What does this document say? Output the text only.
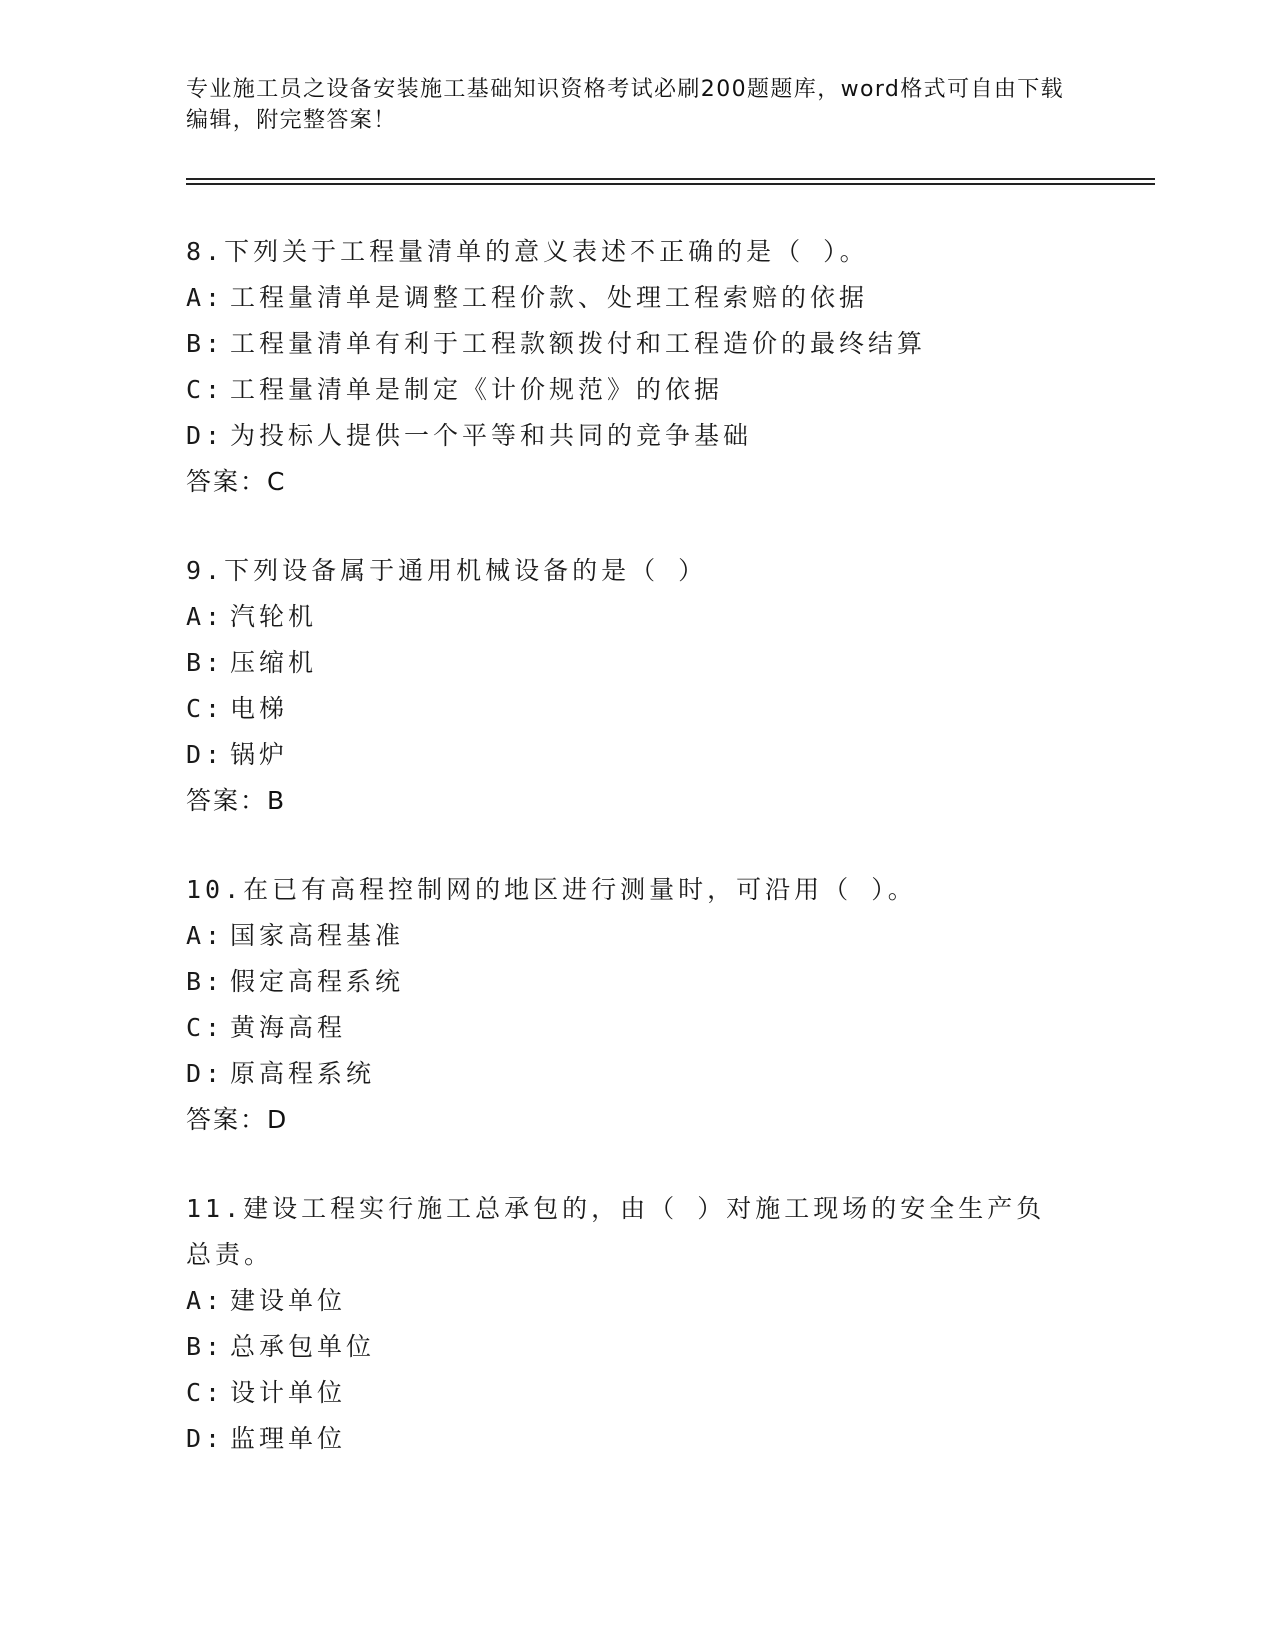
专业施工员之设备安装施工基础知识资格考试必刷200题题库，word格式可自由下载编辑，附完整答案！
8.下列关于工程量清单的意义表述不正确的是（ ）。
A: 工程量清单是调整工程价款、处理工程索赔的依据
B: 工程量清单有利于工程款额拨付和工程造价的最终结算
C: 工程量清单是制定《计价规范》的依据
D: 为投标人提供一个平等和共同的竞争基础
答案：C
9.下列设备属于通用机械设备的是（ ）
A: 汽轮机
B: 压缩机
C: 电梯
D: 锅炉
答案：B
10.在已有高程控制网的地区进行测量时，可沿用（ ）。
A: 国家高程基准
B: 假定高程系统
C: 黄海高程
D: 原高程系统
答案：D
11.建设工程实行施工总承包的，由（ ）对施工现场的安全生产负总责。
A: 建设单位
B: 总承包单位
C: 设计单位
D: 监理单位
